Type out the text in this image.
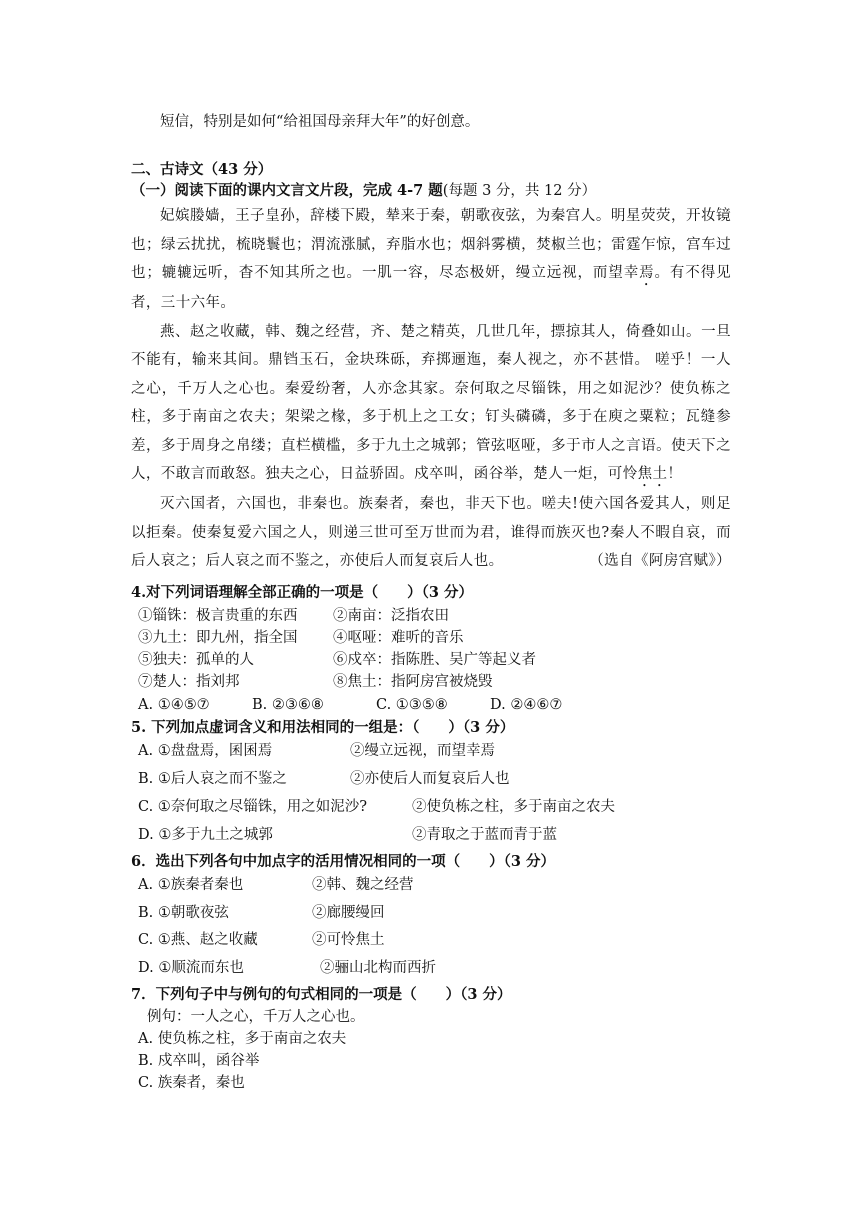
短信，特别是如何“给祖国母亲拜大年”的好创意。
二、古诗文（43 分）
（一）阅读下面的课内文言文片段，完成 4-7 题(每题 3 分，共 12 分）

妃嫔媵嫱，王子皇孙，辞楼下殿，辇来于秦，朝歌夜弦，为秦宫人。明星荧荧，开妆镜也；绿云扰扰，梳晓鬟也；渭流涨腻，弃脂水也；烟斜雾横，焚椒兰也；雷霆乍惊，宫车过也；辘辘远听，杳不知其所之也。一肌一容，尽态极妍，缦立远视，而望幸焉。有不得见者，三十六年。

燕、赵之收藏，韩、魏之经营，齐、楚之精英，几世几年，摽掠其人，倚叠如山。一旦不能有，输来其间。鼎铛玉石，金块珠砾，弃掷逦迤，秦人视之，亦不甚惜。 嗟乎！一人之心，千万人之心也。秦爱纷奢，人亦念其家。奈何取之尽锱铢，用之如泥沙？使负栋之柱，多于南亩之农夫；架梁之椽，多于机上之工女；钉头磷磷，多于在庾之粟粒；瓦缝参差，多于周身之帛缕；直栏横槛，多于九土之城郭；管弦呕哑，多于市人之言语。使天下之人，不敢言而敢怒。独夫之心，日益骄固。戍卒叫，函谷举，楚人一炬，可怜焦土！

灭六国者，六国也，非秦也。族秦者，秦也，非天下也。嗟夫!使六国各爱其人，则足以拒秦。使秦复爱六国之人，则递三世可至万世而为君，谁得而族灭也?秦人不暇自哀，而后人哀之；后人哀之而不鉴之，亦使后人而复哀后人也。	（选自《阿房宫赋》）

4.对下列词语理解全部正确的一项是（　　）（3 分）
①锱铢：极言贵重的东西 ②南亩：泛指农田
③九土：即九州，指全国 ④呕哑：难听的音乐
⑤独夫：孤单的人	⑥戍卒：指陈胜、吴广等起义者
⑦楚人：指刘邦	⑧焦土：指阿房宫被烧毁
A. ①④⑤⑦	B. ②③⑥⑧	C. ①③⑤⑧	D. ②④⑥⑦
5. 下列加点虚词含义和用法相同的一组是：（　　）（3 分）
A. ①盘盘焉，囷囷焉	②缦立远视，而望幸焉
B. ①后人哀之而不鉴之	②亦使后人而复哀后人也
C. ①奈何取之尽锱铢，用之如泥沙?	②使负栋之柱，多于南亩之农夫
D. ①多于九土之城郭	②青取之于蓝而青于蓝
6．选出下列各句中加点字的活用情况相同的一项（　　）（3 分）
A. ①族秦者秦也	②韩、魏之经营
B. ①朝歌夜弦	②廊腰缦回
C. ①燕、赵之收藏	②可怜焦土
D. ①顺流而东也	②骊山北构而西折
7．下列句子中与例句的句式相同的一项是（　　）（3 分）
例句：一人之心，千万人之心也。
A. 使负栋之柱，多于南亩之农夫
B. 戍卒叫，函谷举
C. 族秦者，秦也
